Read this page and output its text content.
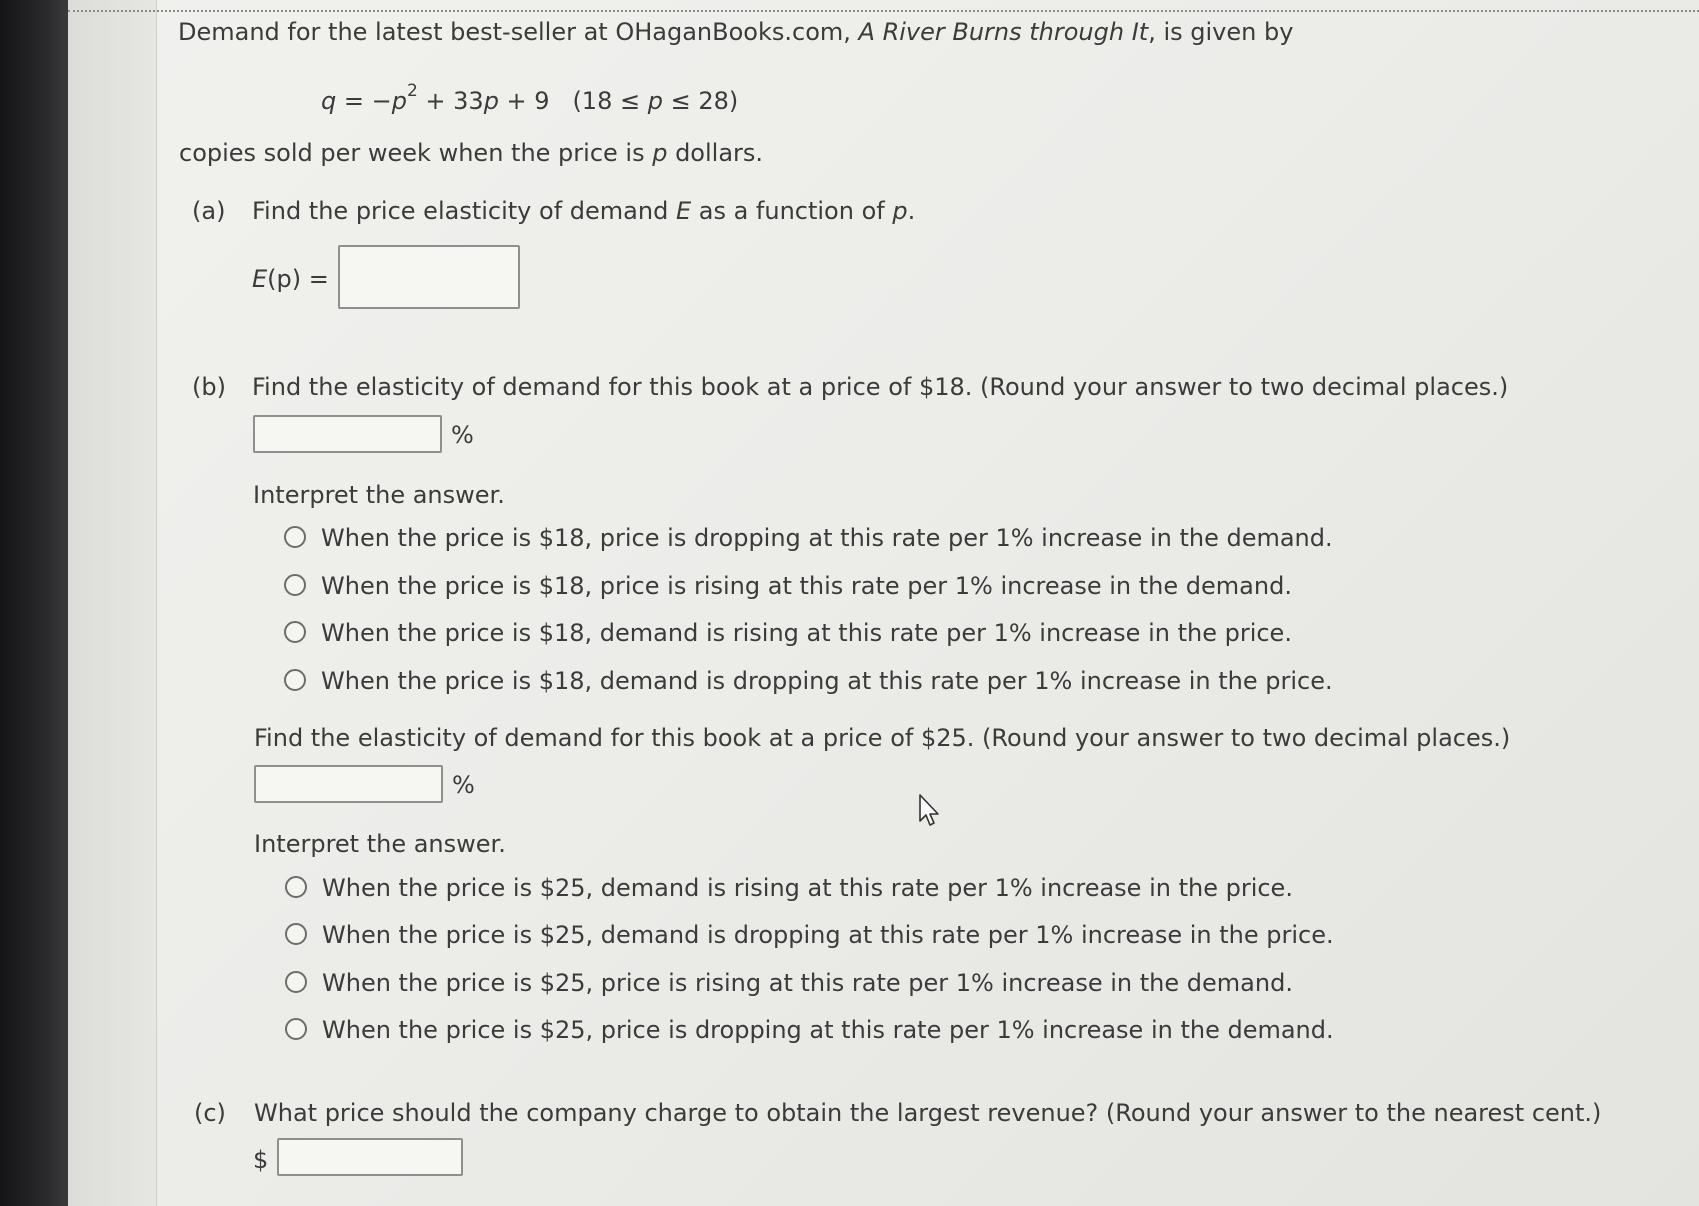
Demand for the latest best-seller at OHaganBooks.com, A River Burns through It, is given by
$q = -p^2 + 33p + 9$   (18 ≤ p ≤ 28)
copies sold per week when the price is p dollars.
(a) Find the price elasticity of demand E as a function of p.
E(p) =
(b) Find the elasticity of demand for this book at a price of $18. (Round your answer to two decimal places.)
%
Interpret the answer.
When the price is $18, price is dropping at this rate per 1% increase in the demand.
When the price is $18, price is rising at this rate per 1% increase in the demand.
When the price is $18, demand is rising at this rate per 1% increase in the price.
When the price is $18, demand is dropping at this rate per 1% increase in the price.
Find the elasticity of demand for this book at a price of $25. (Round your answer to two decimal places.)
%
Interpret the answer.
When the price is $25, demand is rising at this rate per 1% increase in the price.
When the price is $25, demand is dropping at this rate per 1% increase in the price.
When the price is $25, price is rising at this rate per 1% increase in the demand.
When the price is $25, price is dropping at this rate per 1% increase in the demand.
(c) What price should the company charge to obtain the largest revenue? (Round your answer to the nearest cent.)
$
